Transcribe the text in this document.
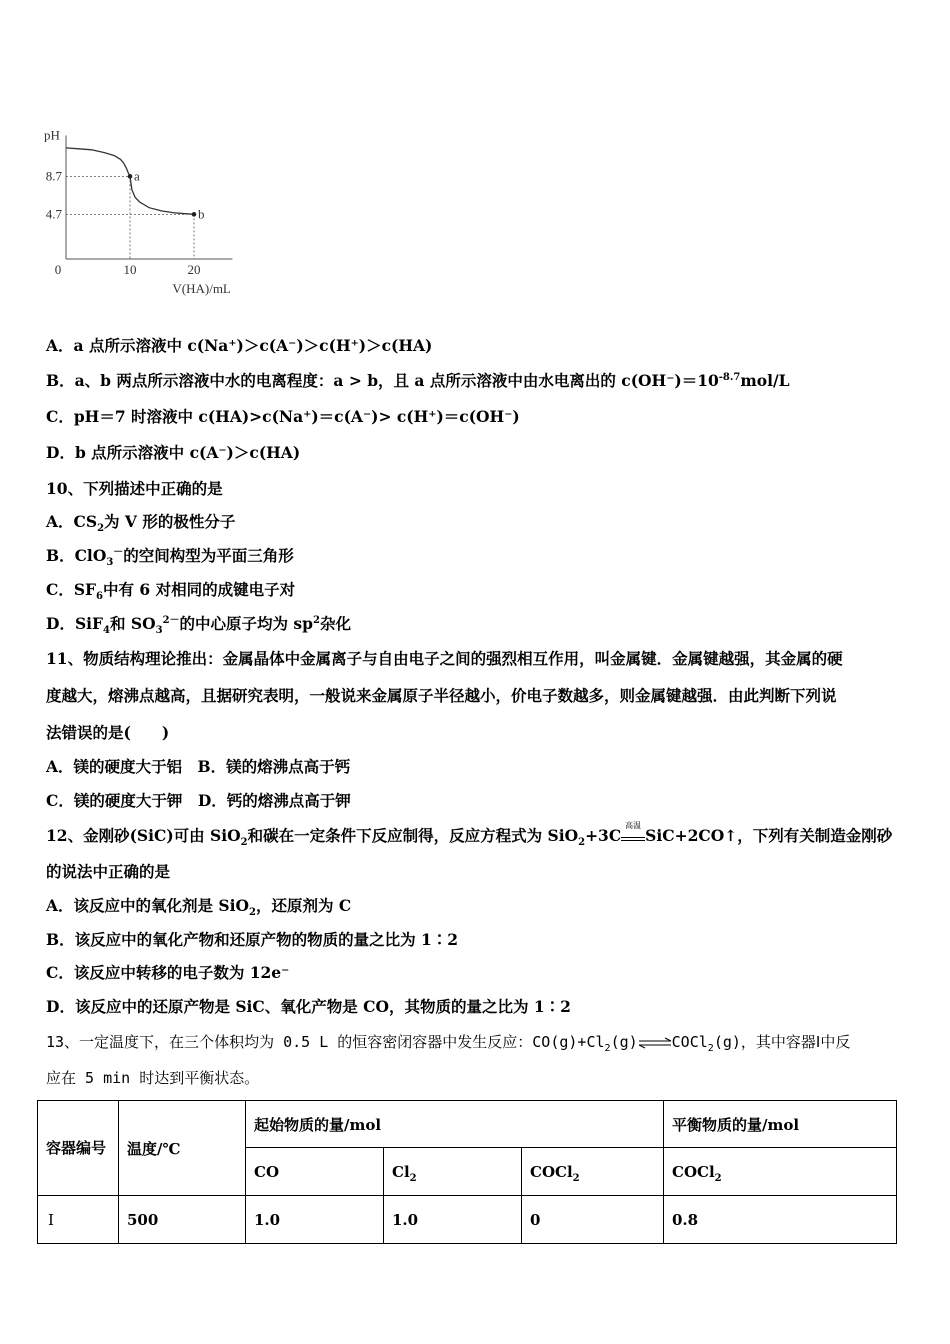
pH
V(HA)/mL
0	10	20
8.7
4.7
a
b
A．a 点所示溶液中 c(Na⁺)＞c(A⁻)＞c(H⁺)＞c(HA)
B．a、b 两点所示溶液中水的电离程度：a > b，且 a 点所示溶液中由水电离出的 $c(OH^-)=10^{-8.7}mol/L$
C．pH＝7 时溶液中 c(HA)>c(Na⁺)＝c(A⁻)> c(H⁺)＝c(OH⁻)
D．b 点所示溶液中 c(A⁻)＞c(HA)
10、下列描述中正确的是
A．$CS_2$为 V 形的极性分子
B．ClO$_3$－的空间构型为平面三角形
C．$SF_6$中有 6 对相同的成键电子对
D．SiF$_4$和 $SO_3^{2-}$的中心原子均为 $sp^2$杂化
11、物质结构理论推出：金属晶体中金属离子与自由电子之间的强烈相互作用，叫金属键．金属键越强，其金属的硬
度越大，熔沸点越高，且据研究表明，一般说来金属原子半径越小，价电子数越多，则金属键越强．由此判断下列说
法错误的是(　　)
A．镁的硬度大于铝　B．镁的熔沸点高于钙
C．镁的硬度大于钾　D．钙的熔沸点高于钾
12、金刚砂(SiC)可由 SiO$_2$和碳在一定条件下反应制得，反应方程式为 SiO$_2$+3C
高温
SiC+2CO↑，下列有关制造金刚砂
的说法中正确的是
A．该反应中的氧化剂是 SiO$_2$，还原剂为 C
B．该反应中的氧化产物和还原产物的物质的量之比为 1∶2
C．该反应中转移的电子数为 12e⁻
D．该反应中的还原产物是 SiC、氧化产物是 CO，其物质的量之比为 1∶2
13、一定温度下，在三个体积均为 0.5 L 的恒容密闭容器中发生反应：$CO(g)+Cl_2(g)\rightleftharpoons COCl_2(g)$，其中容器Ⅰ中反
应在 5 min 时达到平衡状态。
容器编号	温度/℃	起始物质的量/mol			平衡物质的量/mol
		CO	$Cl_2$	COCl$_2$	COCl$_2$
Ⅰ	500	1.0	1.0	0	0.8
